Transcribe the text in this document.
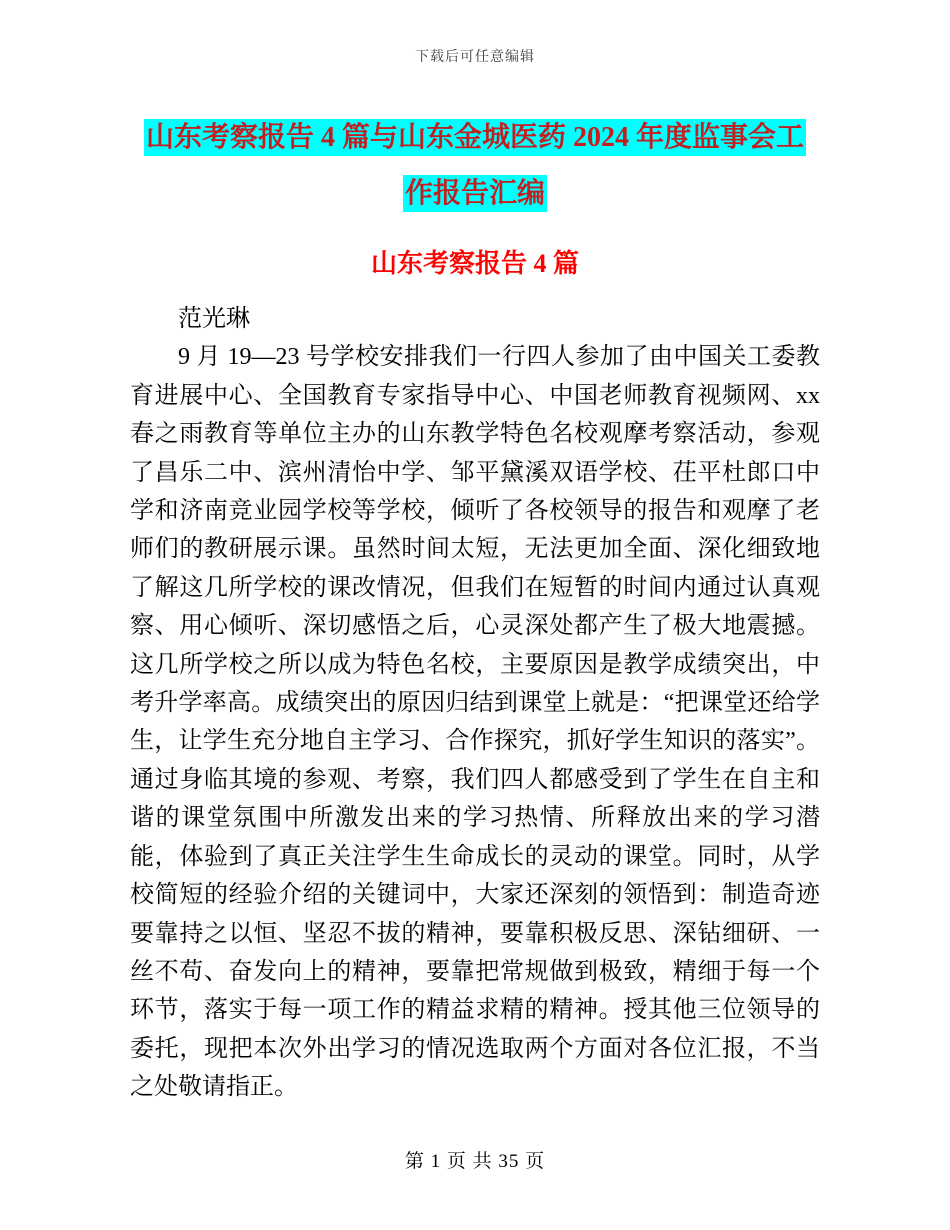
下载后可任意编辑
山东考察报告 4 篇与山东金城医药 2024 年度监事会工
作报告汇编
山东考察报告 4 篇

范光琳

9 月 19—23 号学校安排我们一行四人参加了由中国关工委教育进展中心、全国教育专家指导中心、中国老师教育视频网、xx 春之雨教育等单位主办的山东教学特色名校观摩考察活动，参观了昌乐二中、滨州清怡中学、邹平黛溪双语学校、茌平杜郎口中学和济南竞业园学校等学校，倾听了各校领导的报告和观摩了老师们的教研展示课。虽然时间太短，无法更加全面、深化细致地了解这几所学校的课改情况，但我们在短暂的时间内通过认真观察、用心倾听、深切感悟之后，心灵深处都产生了极大地震撼。这几所学校之所以成为特色名校，主要原因是教学成绩突出，中考升学率高。成绩突出的原因归结到课堂上就是：“把课堂还给学生，让学生充分地自主学习、合作探究，抓好学生知识的落实”。通过身临其境的参观、考察，我们四人都感受到了学生在自主和谐的课堂氛围中所激发出来的学习热情、所释放出来的学习潜能，体验到了真正关注学生生命成长的灵动的课堂。同时，从学校简短的经验介绍的关键词中，大家还深刻的领悟到：制造奇迹要靠持之以恒、坚忍不拔的精神，要靠积极反思、深钻细研、一丝不苟、奋发向上的精神，要靠把常规做到极致，精细于每一个环节，落实于每一项工作的精益求精的精神。授其他三位领导的委托，现把本次外出学习的情况选取两个方面对各位汇报，不当之处敬请指正。

第 1 页 共 35 页
